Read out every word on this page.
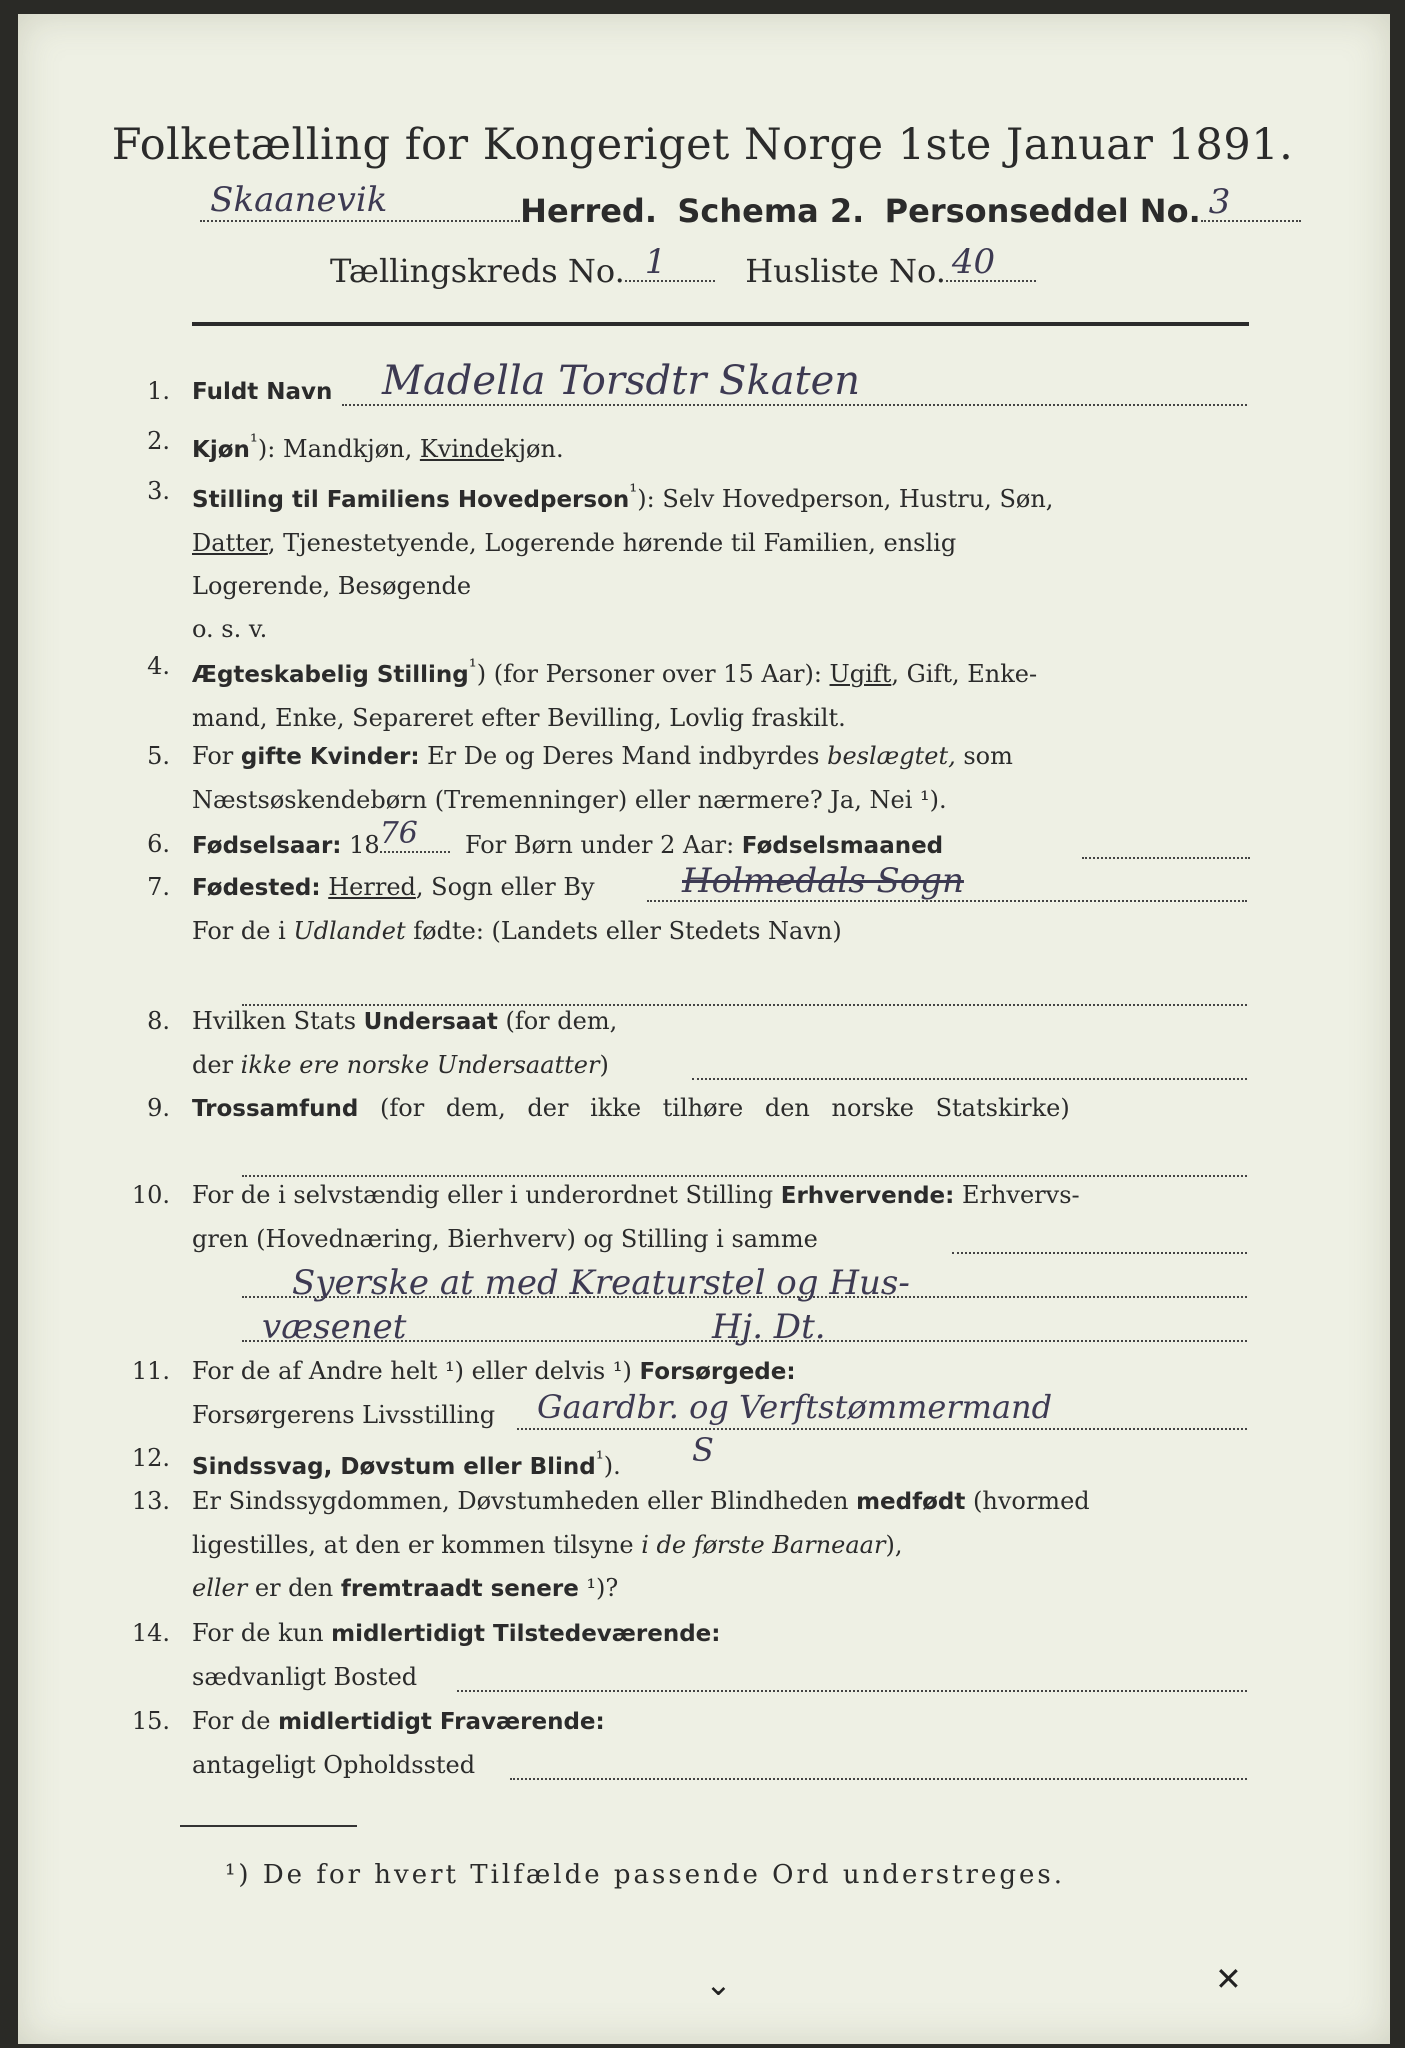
Folketælling for Kongeriget Norge 1ste Januar 1891.

Skaanevik	Herred. Schema 2. Personseddel No. 3
Tællingskreds No. 1 Husliste No. 40
1. Fuldt Navn Madella Torsdtr Skaten
2. Kjøn$^{^1}$): Mandkjøn, Kvindekjøn.
3. Stilling til Familiens Hovedperson$^{^1}$): Selv Hovedperson, Hustru, Søn,
Datter, Tjenestetyende, Logerende hørende til Familien, enslig
Logerende, Besøgende
o. s. v.
4. Ægteskabelig Stilling$^{^1}$) (for Personer over 15 Aar): Ugift, Gift, Enke-
mand, Enke, Separeret efter Bevilling, Lovlig fraskilt.
5. For gifte Kvinder: Er De og Deres Mand indbyrdes beslægtet, som
Næstsøskendebørn (Tremenninger) eller nærmere? Ja, Nei ¹).
6. Fødselsaar: 18 76 For Børn under 2 Aar: Fødselsmaaned
7. Fødested: Herred, Sogn eller By	Holmedals Sogn
For de i Udlandet fødte: (Landets eller Stedets Navn)
8. Hvilken Stats Undersaat (for dem,
der ikke ere norske Undersaatter)
9. Trossamfund (for dem, der ikke tilhøre den norske Statskirke)
10. For de i selvstændig eller i underordnet Stilling Erhvervende: Erhvervs-
gren (Hovednæring, Bierhverv) og Stilling i samme
Syerske at med Kreaturstel og Hus-
væsenet	Hj. Dt.
11. For de af Andre helt ¹) eller delvis ¹) Forsørgede:
Forsørgerens Livsstilling	Gaardbr. og Verftstømmermand
12. Sindssvag, Døvstum eller Blind$^{^1}$). S
13. Er Sindssygdommen, Døvstumheden eller Blindheden medfødt (hvormed
ligestilles, at den er kommen tilsyne i de første Barneaar),
eller er den fremtraadt senere ¹)?
14. For de kun midlertidigt Tilstedeværende:
sædvanligt Bosted
15. For de midlertidigt Fraværende:
antageligt Opholdssted
¹) De for hvert Tilfælde passende Ord understreges.
⌄	✕
